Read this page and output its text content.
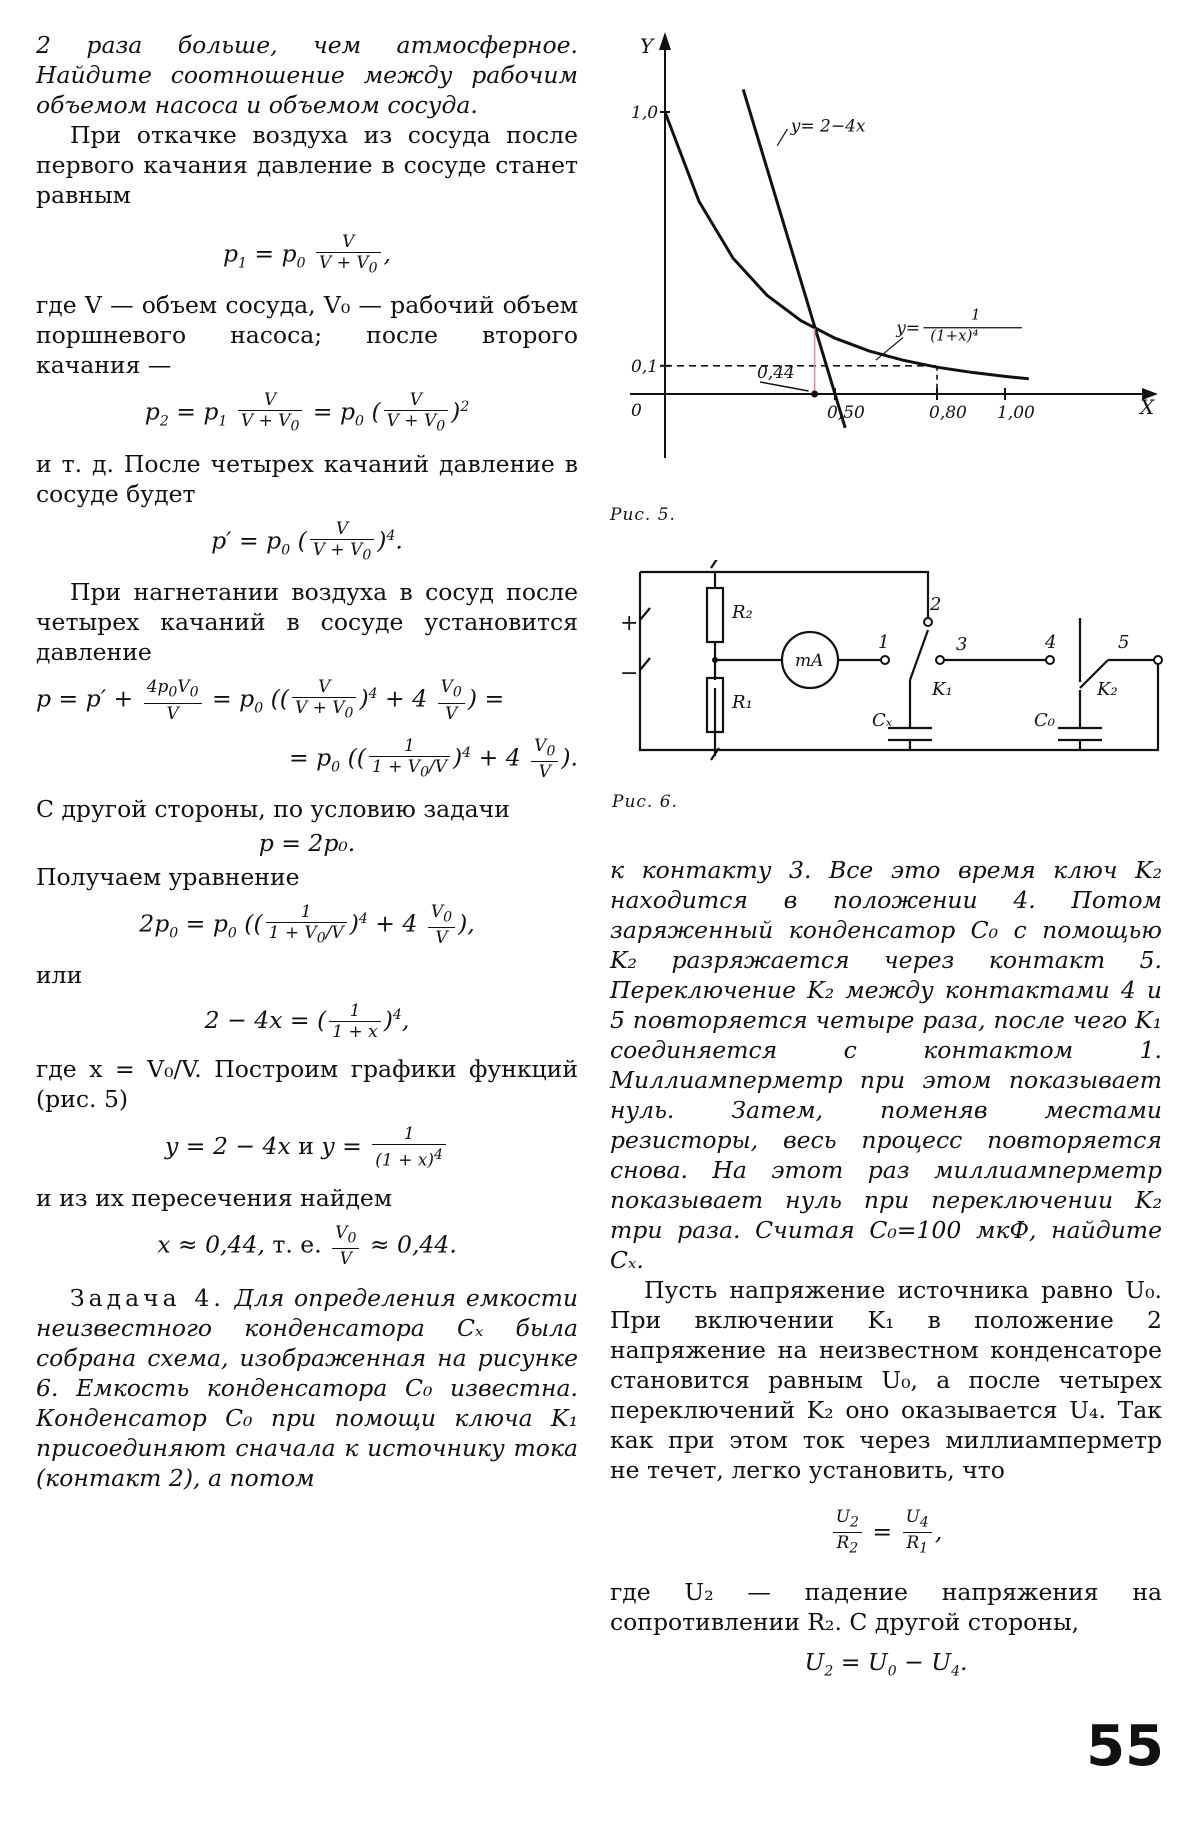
2 раза больше, чем атмосферное. Найдите соотношение между рабочим объемом насоса и объемом сосуда.

При откачке воздуха из сосуда после первого качания давление в сосуде станет равным

$p_1 = p_0 \frac{V}{V + V_0}$ ,

где V — объем сосуда, V₀ — рабочий объем поршневого насоса; после второго качания —

$p_2 = p_1 \frac{V}{V + V_0} = p_0$ ( $\frac{V}{V + V_0} )^2$

и т. д. После четырех качаний давление в сосуде будет

$p' = p_0$ ( $\frac{V}{V + V_0} )^4$.

При нагнетании воздуха в сосуд после четырех качаний в сосуде установится давление

$p = p' + \frac{4p_0V_0}{V} = p_0$ (( $\frac{V}{V + V_0} )^4 + 4 \frac{V_0}{V}$ ) =
= $p_0$ (( $\frac{1}{1 + V_0/V} )^4 + 4 \frac{V_0}{V}$ ).

С другой стороны, по условию задачи

p = 2p₀.

Получаем уравнение

$2p_0 = p_0$ (( $\frac{1}{1 + V_0/V} )^4 + 4 \frac{V_0}{V}$ ),

или

2 − 4x = ( $\frac{1}{1 + x} )^4$,

где x = V₀/V. Построим графики функций (рис. 5)

y = 2 − 4x и $y = \frac{1}{(1 + x)^4}$

и из их пересечения найдем

x ≈ 0,44, т. е. $\frac{V_0}{V} \approx 0,44$.

Задача 4. Для определения емкости неизвестного конденсатора Cₓ была собрана схема, изображенная на рисунке 6. Емкость конденсатора C₀ известна. Конденсатор C₀ при помощи ключа K₁ присоединяют сначала к источнику тока (контакт 2), а потом

Y
X
0
0,1
1,0
0,50	0,80 1,00
0,44
y= 2−4x
y=
1
(1+x)⁴
Рис. 5.
R₂
R₁
mA
+
−
1
2
3	4	5
K₁	K₂
Cₓ	C₀
Рис. 6.

к контакту 3. Все это время ключ K₂ находится в положении 4. Потом заряженный конденсатор C₀ с помощью K₂ разряжается через контакт 5. Переключение K₂ между контактами 4 и 5 повторяется четыре раза, после чего K₁ соединяется с контактом 1. Миллиамперметр при этом показывает нуль. Затем, поменяв местами резисторы, весь процесс повторяется снова. На этот раз миллиамперметр показывает нуль при переключении K₂ три раза. Считая C₀=100 мкФ, найдите Cₓ.

Пусть напряжение источника равно U₀. При включении K₁ в положение 2 напряжение на неизвестном конденсаторе становится равным U₀, а после четырех переключений K₂ оно оказывается U₄. Так как при этом ток через миллиамперметр не течет, легко установить, что

$\frac{U_2}{R_2} = \frac{U_4}{R_1}$ ,

где U₂ — падение напряжения на сопротивлении R₂. С другой стороны,

$U_2 = U_0 - U_4$.
55
